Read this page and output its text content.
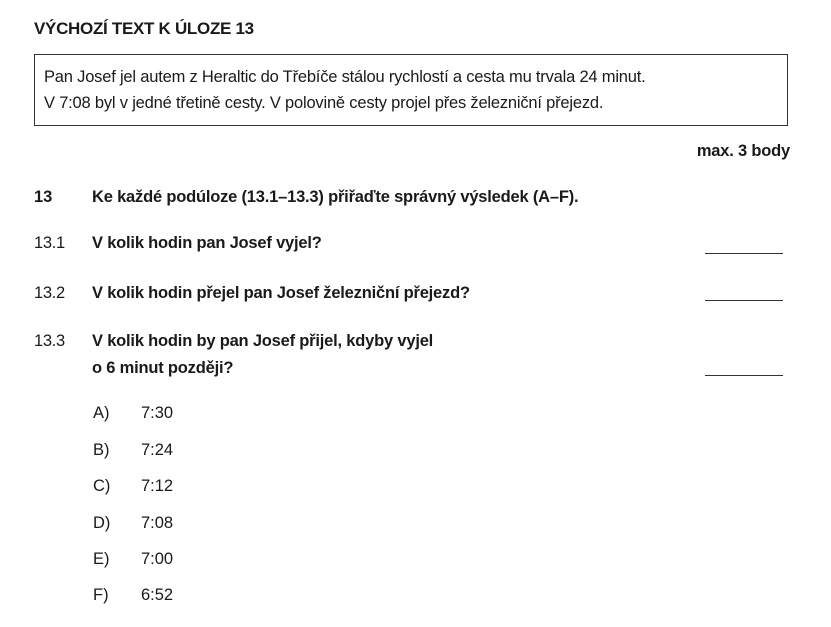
VÝCHOZÍ TEXT K ÚLOZE 13
Pan Josef jel autem z Heraltic do Třebíče stálou rychlostí a cesta mu trvala 24 minut.
V 7:08 byl v jedné třetině cesty. V polovině cesty projel přes železniční přejezd.
max. 3 body
13 Ke každé podúloze (13.1–13.3) přiřaďte správný výsledek (A–F).
13.1 V kolik hodin pan Josef vyjel?
13.2 V kolik hodin přejel pan Josef železniční přejezd?
13.3 V kolik hodin by pan Josef přijel, kdyby vyjel
o 6 minut později?
A) 7:30
B) 7:24
C) 7:12
D) 7:08
E) 7:00
F) 6:52
